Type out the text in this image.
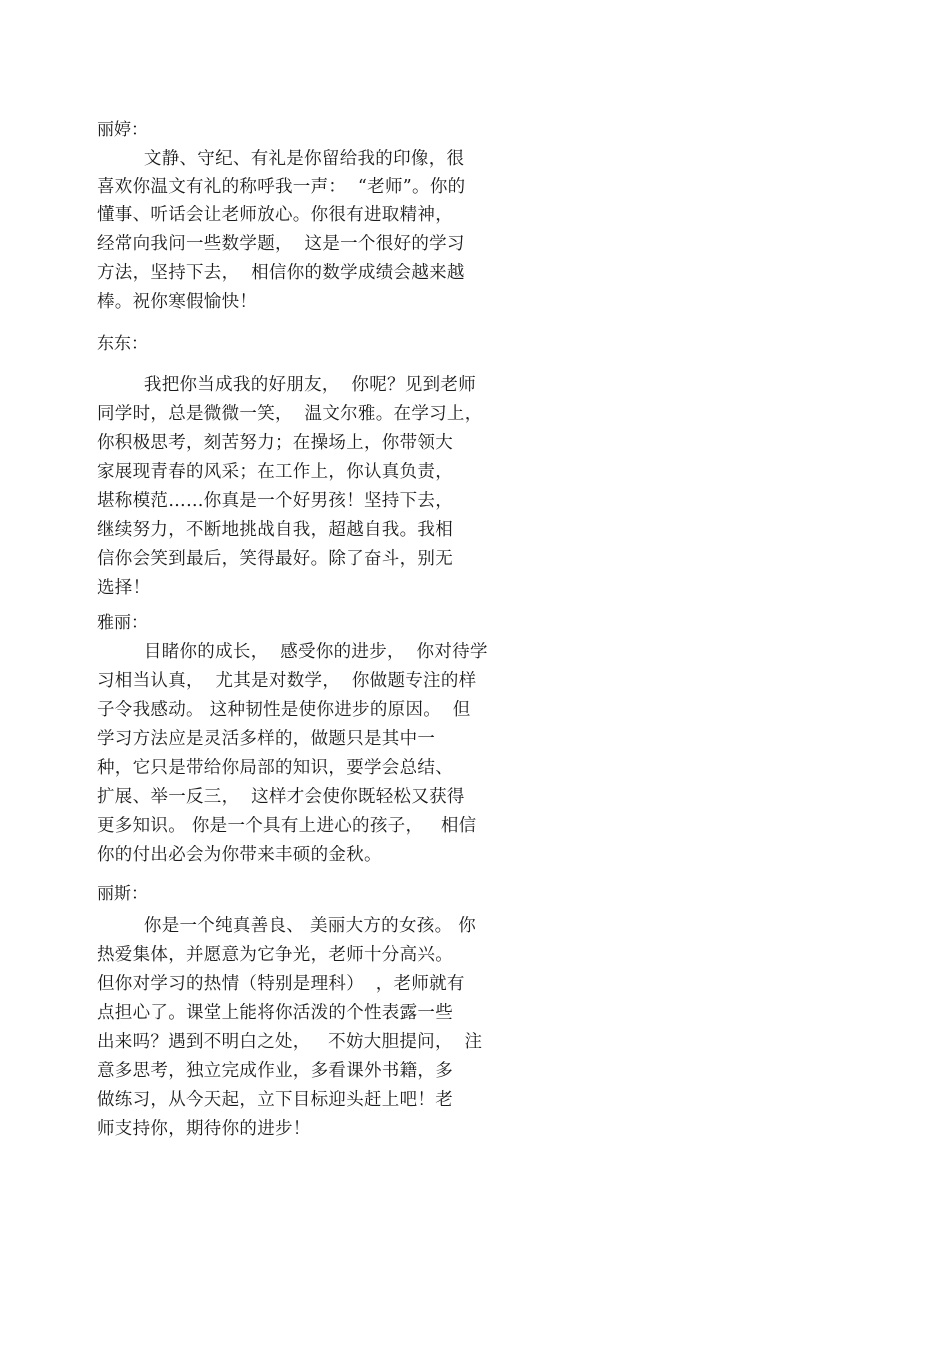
丽婷：
文静、守纪、有礼是你留给我的印像，很
喜欢你温文有礼的称呼我一声：  “老师”。你的
懂事、听话会让老师放心。你很有进取精神，
经常向我问一些数学题，  这是一个很好的学习
方法，坚持下去，  相信你的数学成绩会越来越
棒。祝你寒假愉快！
东东：
我把你当成我的好朋友，  你呢？见到老师
同学时，总是微微一笑，  温文尔雅。在学习上，
你积极思考，刻苦努力；在操场上，你带领大
家展现青春的风采；在工作上，你认真负责，
堪称模范……你真是一个好男孩！坚持下去，
继续努力，不断地挑战自我，超越自我。我相
信你会笑到最后，笑得最好。除了奋斗，别无
选择！
雅丽：
目睹你的成长，  感受你的进步，  你对待学
习相当认真，  尤其是对数学，  你做题专注的样
子令我感动。 这种韧性是使你进步的原因。  但
学习方法应是灵活多样的，做题只是其中一
种，它只是带给你局部的知识，要学会总结、
扩展、举一反三，  这样才会使你既轻松又获得
更多知识。 你是一个具有上进心的孩子，   相信
你的付出必会为你带来丰硕的金秋。
丽斯：
你是一个纯真善良、 美丽大方的女孩。 你
热爱集体，并愿意为它争光，老师十分高兴。
但你对学习的热情（特别是理科）  ，老师就有
点担心了。课堂上能将你活泼的个性表露一些
出来吗？遇到不明白之处，   不妨大胆提问，  注
意多思考，独立完成作业，多看课外书籍，多
做练习，从今天起，立下目标迎头赶上吧！老
师支持你，期待你的进步！
